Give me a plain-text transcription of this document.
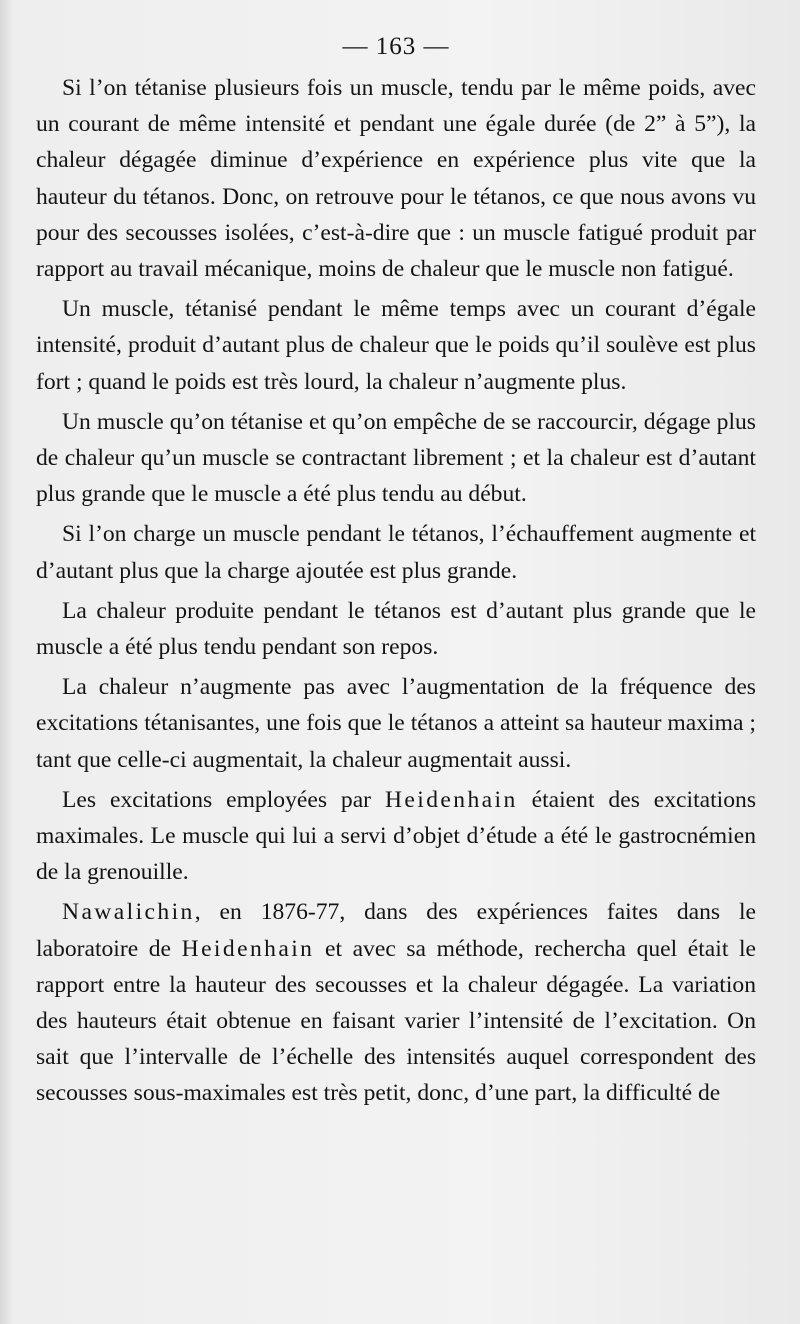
— 163 —

Si l’on tétanise plusieurs fois un muscle, tendu par le même poids, avec un courant de même intensité et pendant une égale durée (de 2” à 5”), la chaleur dégagée diminue d’expérience en expérience plus vite que la hauteur du tétanos. Donc, on retrouve pour le tétanos, ce que nous avons vu pour des secousses isolées, c’est-à-dire que : un muscle fatigué produit par rapport au travail mécanique, moins de chaleur que le muscle non fatigué.

Un muscle, tétanisé pendant le même temps avec un courant d’égale intensité, produit d’autant plus de chaleur que le poids qu’il soulève est plus fort ; quand le poids est très lourd, la chaleur n’augmente plus.

Un muscle qu’on tétanise et qu’on empêche de se raccourcir, dégage plus de chaleur qu’un muscle se contractant librement ; et la chaleur est d’autant plus grande que le muscle a été plus tendu au début.

Si l’on charge un muscle pendant le tétanos, l’échauffement augmente et d’autant plus que la charge ajoutée est plus grande.

La chaleur produite pendant le tétanos est d’autant plus grande que le muscle a été plus tendu pendant son repos.

La chaleur n’augmente pas avec l’augmentation de la fréquence des excitations tétanisantes, une fois que le tétanos a atteint sa hauteur maxima ; tant que celle-ci augmentait, la chaleur augmentait aussi.

Les excitations employées par Heidenhain étaient des excitations maximales. Le muscle qui lui a servi d’objet d’étude a été le gastrocnémien de la grenouille.

Nawalichin, en 1876-77, dans des expériences faites dans le laboratoire de Heidenhain et avec sa méthode, rechercha quel était le rapport entre la hauteur des secousses et la chaleur dégagée. La variation des hauteurs était obtenue en faisant varier l’intensité de l’excitation. On sait que l’intervalle de l’échelle des intensités auquel correspondent des secousses sous-maximales est très petit, donc, d’une part, la difficulté de
